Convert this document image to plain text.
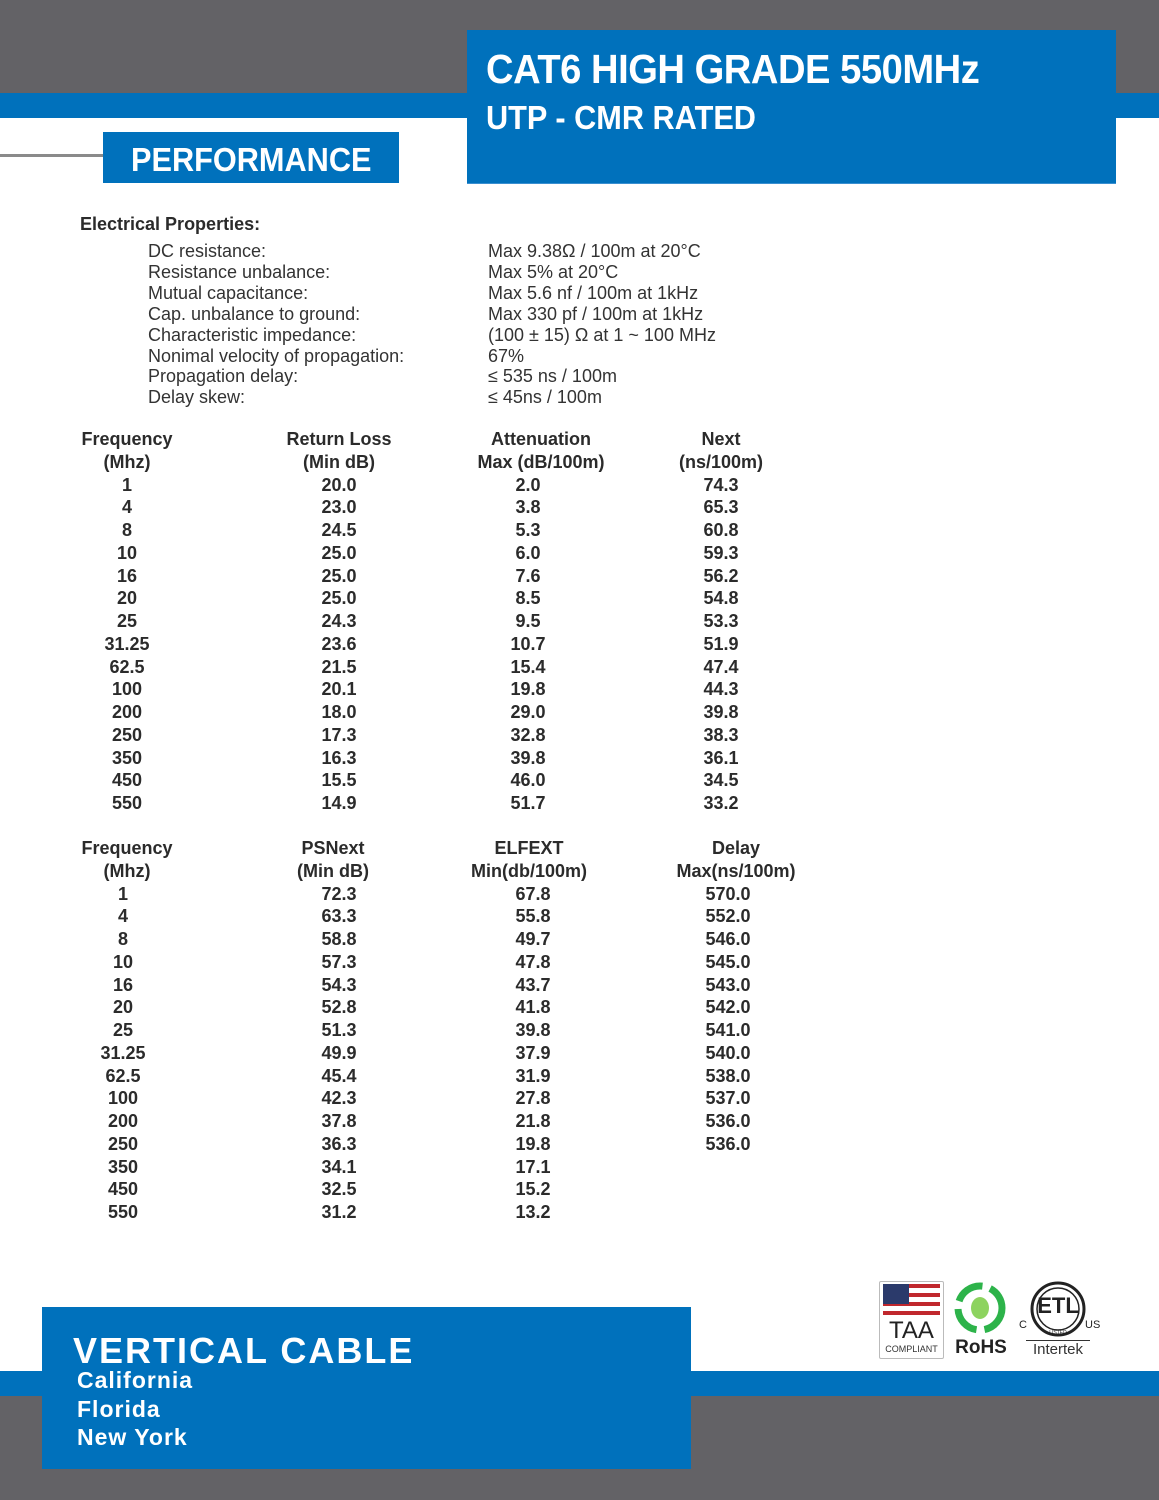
CAT6 HIGH GRADE 550MHz
UTP - CMR RATED
PERFORMANCE
Electrical Properties:
DC resistance:	Max 9.38Ω / 100m at 20°C
Resistance unbalance:	Max 5% at 20°C
Mutual capacitance:	Max 5.6 nf / 100m at 1kHz
Cap. unbalance to ground:	Max 330 pf / 100m at 1kHz
Characteristic impedance:	(100 ± 15) Ω at 1 ~ 100 MHz
Nonimal velocity of propagation:	67%
Propagation delay:	≤ 535 ns / 100m
Delay skew:	≤ 45ns / 100m
Frequency	Return Loss	Attenuation	Next
(Mhz)	(Min dB)	Max (dB/100m)	(ns/100m)
1	20.0	2.0	74.3
4	23.0	3.8	65.3
8	24.5	5.3	60.8
10	25.0	6.0	59.3
16	25.0	7.6	56.2
20	25.0	8.5	54.8
25	24.3	9.5	53.3
31.25	23.6	10.7	51.9
62.5	21.5	15.4	47.4
100	20.1	19.8	44.3
200	18.0	29.0	39.8
250	17.3	32.8	38.3
350	16.3	39.8	36.1
450	15.5	46.0	34.5
550	14.9	51.7	33.2
Frequency	PSNext	ELFEXT	Delay
(Mhz)	(Min dB)	Min(db/100m)	Max(ns/100m)
1	72.3	67.8	570.0
4	63.3	55.8	552.0
8	58.8	49.7	546.0
10	57.3	47.8	545.0
16	54.3	43.7	543.0
20	52.8	41.8	542.0
25	51.3	39.8	541.0
31.25	49.9	37.9	540.0
62.5	45.4	31.9	538.0
100	42.3	27.8	537.0
200	37.8	21.8	536.0
250	36.3	19.8	536.0
350	34.1	17.1
450	32.5	15.2
550	31.2	13.2
TAA
COMPLIANT RoHS
ETL
LISTED
C	US
Intertek
VERTICAL CABLE
California
Florida
New York
